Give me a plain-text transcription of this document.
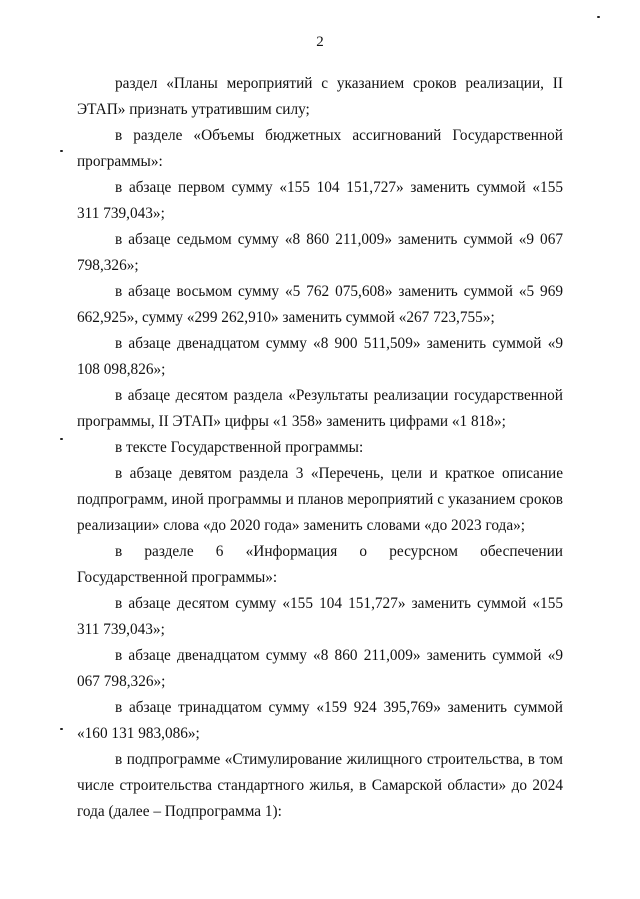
2

раздел «Планы мероприятий с указанием сроков реализации, II ЭТАП» признать утратившим силу;

в разделе «Объемы бюджетных ассигнований Государственной программы»:

в абзаце первом сумму «155 104 151,727» заменить суммой «155 311 739,043»;

в абзаце седьмом сумму «8 860 211,009» заменить суммой «9 067 798,326»;

в абзаце восьмом сумму «5 762 075,608» заменить суммой «5 969 662,925», сумму «299 262,910» заменить суммой «267 723,755»;

в абзаце двенадцатом сумму «8 900 511,509» заменить суммой «9 108 098,826»;

в абзаце десятом раздела «Результаты реализации государственной программы, II ЭТАП» цифры «1 358» заменить цифрами «1 818»;

в тексте Государственной программы:

в абзаце девятом раздела 3 «Перечень, цели и краткое описание подпрограмм, иной программы и планов мероприятий с указанием сроков реализации» слова «до 2020 года» заменить словами «до 2023 года»;

в разделе 6 «Информация о ресурсном обеспечении Государственной программы»:

в абзаце десятом сумму «155 104 151,727» заменить суммой «155 311 739,043»;

в абзаце двенадцатом сумму «8 860 211,009» заменить суммой «9 067 798,326»;

в абзаце тринадцатом сумму «159 924 395,769» заменить суммой «160 131 983,086»;

в подпрограмме «Стимулирование жилищного строительства, в том числе строительства стандартного жилья, в Самарской области» до 2024 года (далее – Подпрограмма 1):
